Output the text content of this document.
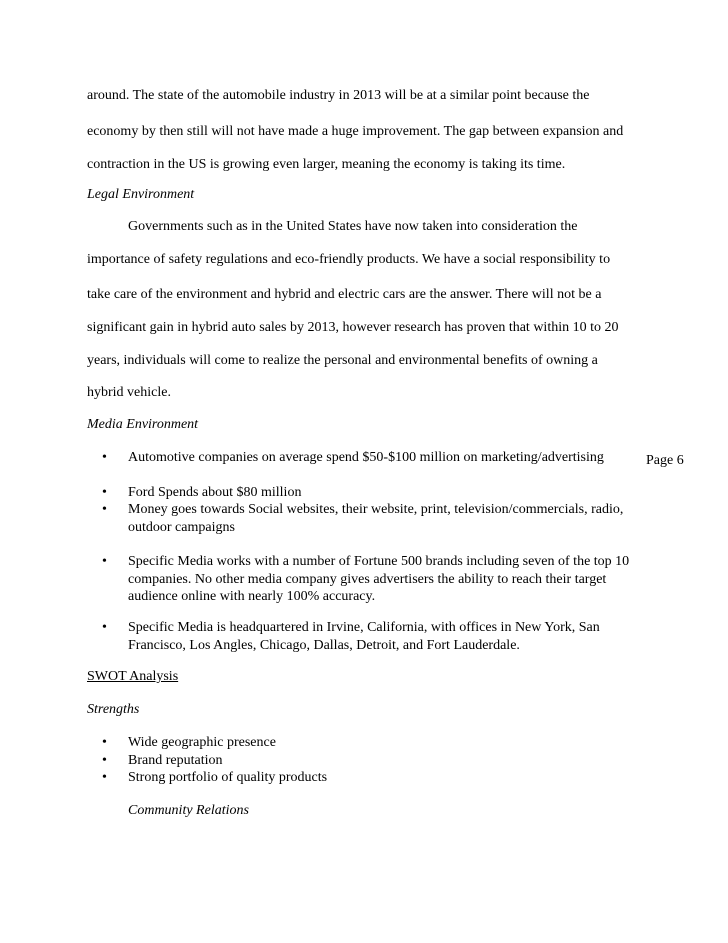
around. The state of the automobile industry in 2013 will be at a similar point because the

economy by then still will not have made a huge improvement. The gap between expansion and

contraction in the US is growing even larger, meaning the economy is taking its time.

Legal Environment

Governments such as in the United States have now taken into consideration the

importance of safety regulations and eco-friendly products. We have a social responsibility to

take care of the environment and hybrid and electric cars are the answer. There will not be a

significant gain in hybrid auto sales by 2013, however research has proven that within 10 to 20

years, individuals will come to realize the personal and environmental benefits of owning a

hybrid vehicle.

Media Environment

• Automotive companies on average spend $50-$100 million on marketing/advertising

• Ford Spends about $80 million

• Money goes towards Social websites, their website, print, television/commercials, radio, outdoor campaigns

• Specific Media works with a number of Fortune 500 brands including seven of the top 10 companies. No other media company gives advertisers the ability to reach their target audience online with nearly 100% accuracy.

• Specific Media is headquartered in Irvine, California, with offices in New York, San Francisco, Los Angles, Chicago, Dallas, Detroit, and Fort Lauderdale.

SWOT Analysis

Strengths

• Wide geographic presence

• Brand reputation

• Strong portfolio of quality products

Community Relations

Page 6
